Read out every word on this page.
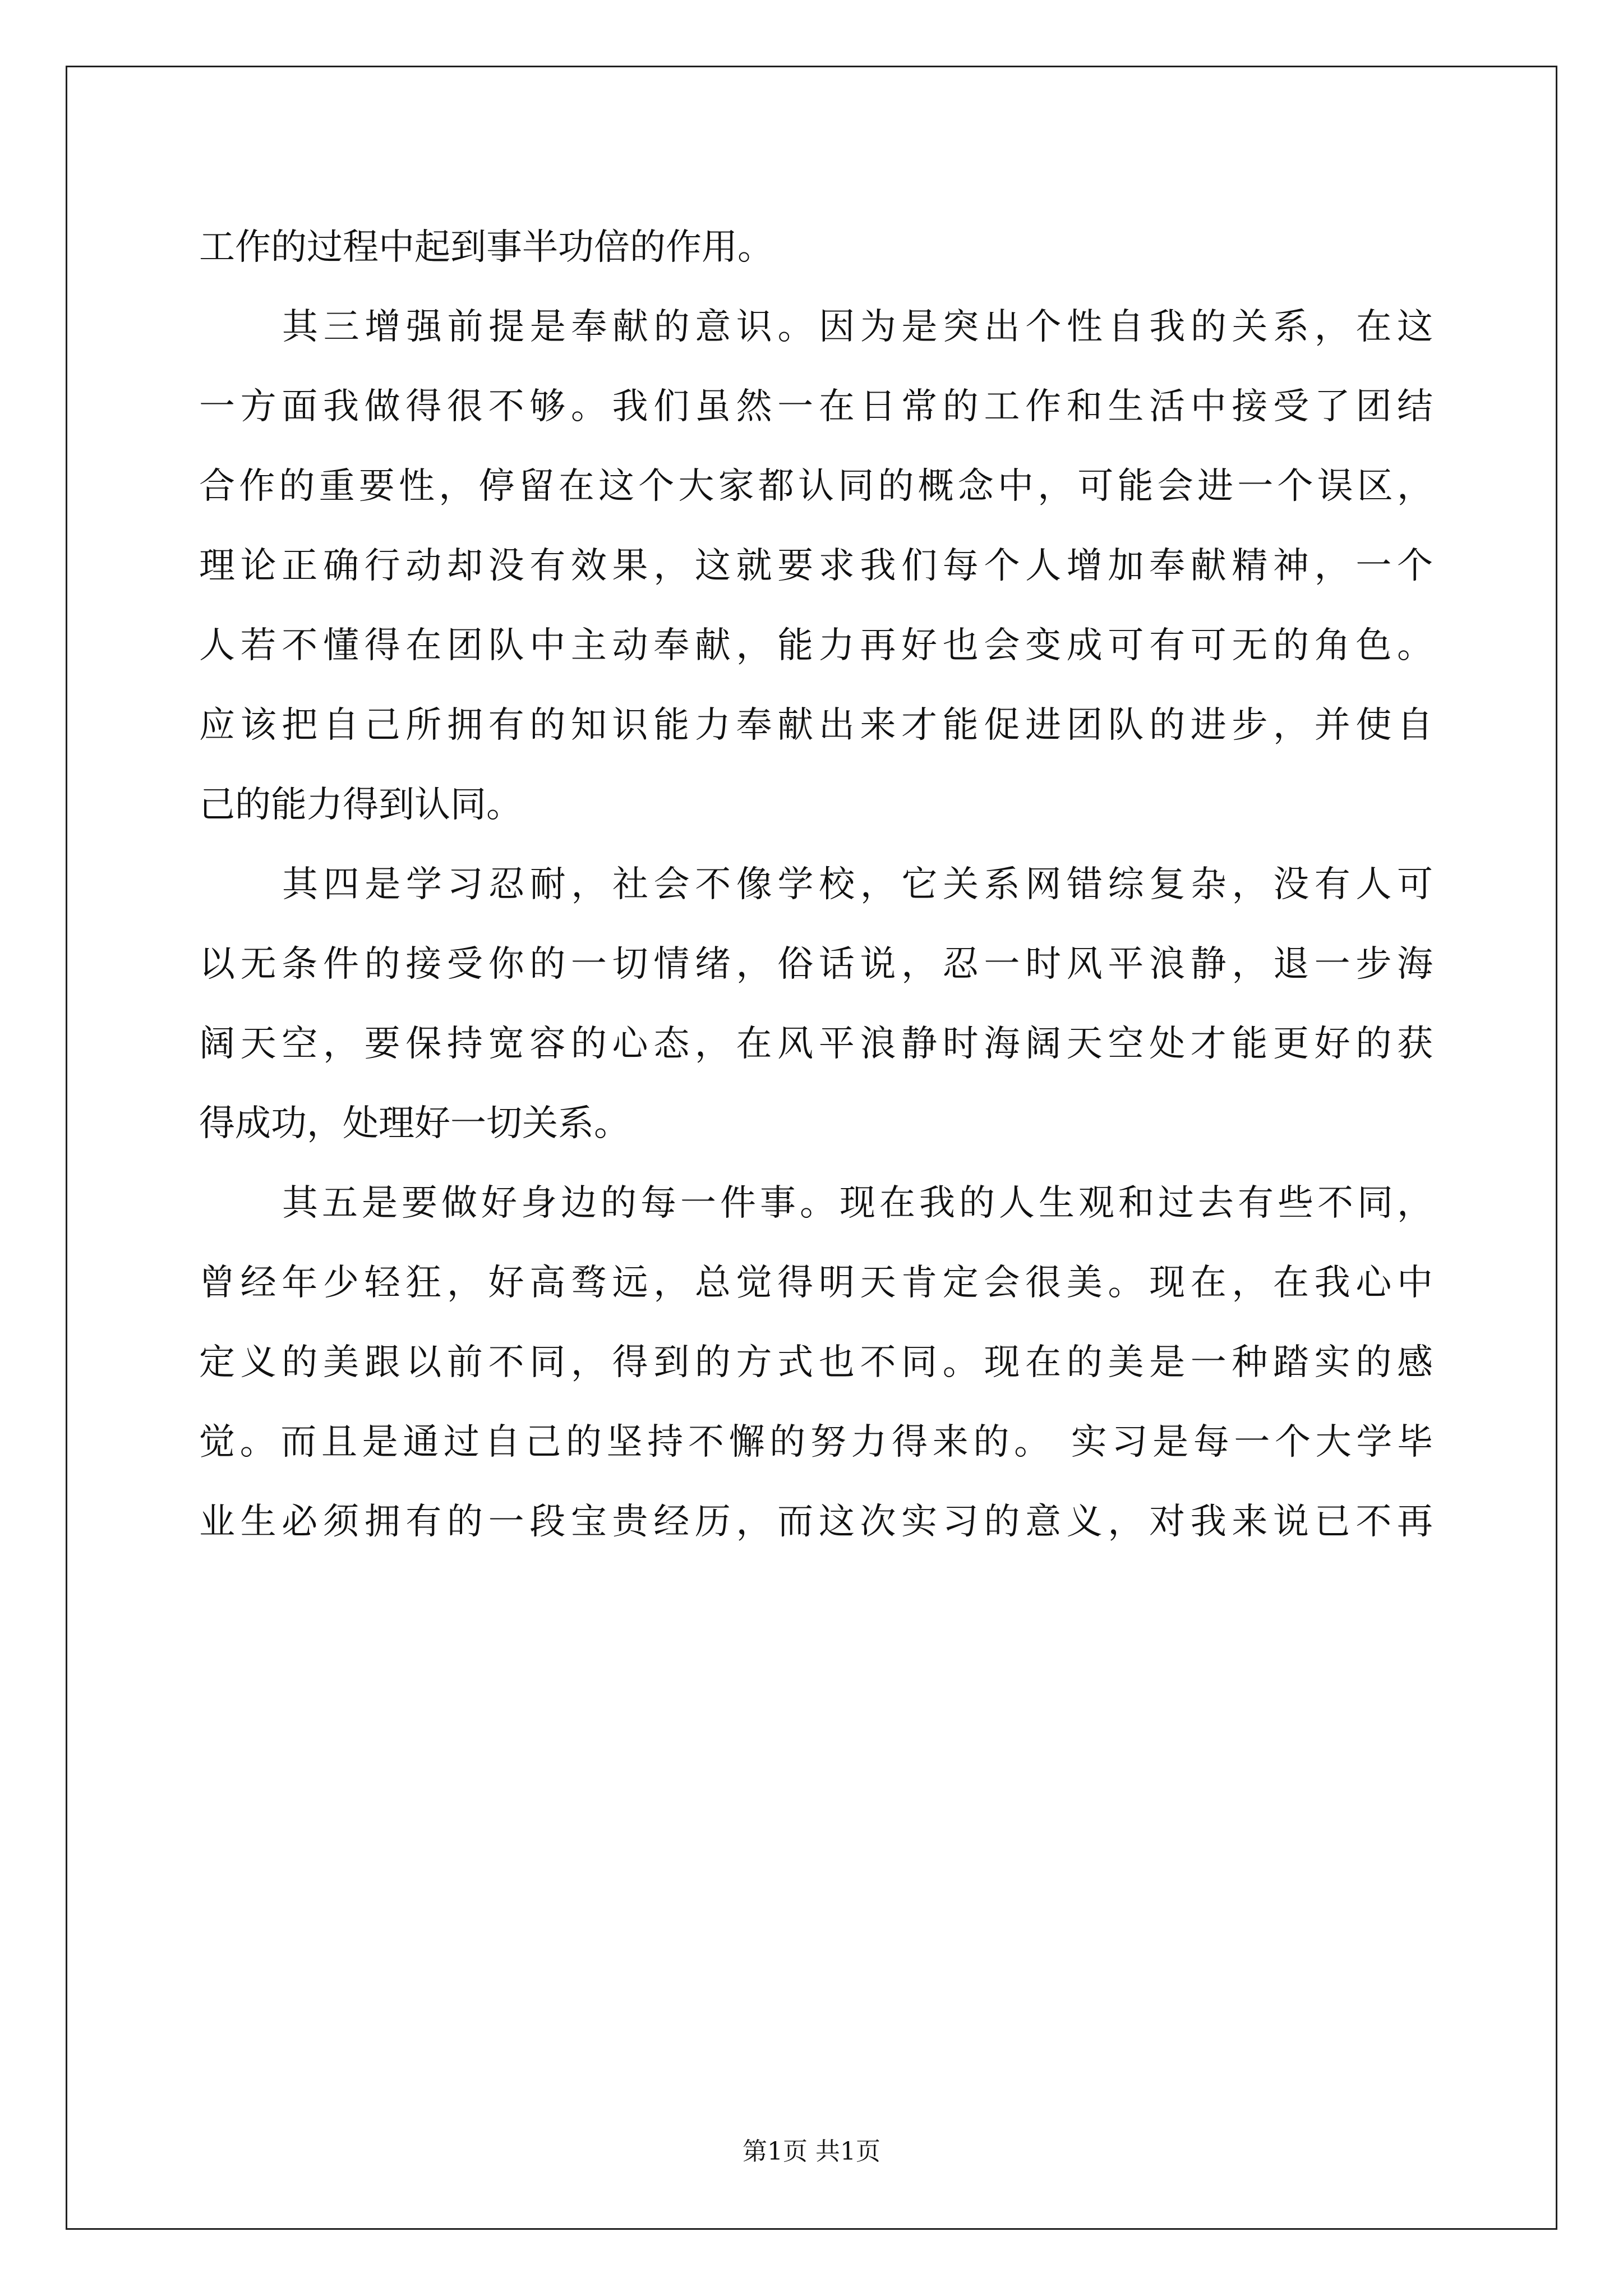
工作的过程中起到事半功倍的作用。
其三增强前提是奉献的意识。因为是突出个性自我的关系，在这
一方面我做得很不够。我们虽然一在日常的工作和生活中接受了团结
合作的重要性，停留在这个大家都认同的概念中，可能会进一个误区，
理论正确行动却没有效果，这就要求我们每个人增加奉献精神，一个
人若不懂得在团队中主动奉献，能力再好也会变成可有可无的角色。
应该把自己所拥有的知识能力奉献出来才能促进团队的进步，并使自
己的能力得到认同。
其四是学习忍耐，社会不像学校，它关系网错综复杂，没有人可
以无条件的接受你的一切情绪，俗话说，忍一时风平浪静，退一步海
阔天空，要保持宽容的心态，在风平浪静时海阔天空处才能更好的获
得成功，处理好一切关系。
其五是要做好身边的每一件事。现在我的人生观和过去有些不同，
曾经年少轻狂，好高骛远，总觉得明天肯定会很美。现在，在我心中
定义的美跟以前不同，得到的方式也不同。现在的美是一种踏实的感
觉。而且是通过自己的坚持不懈的努力得来的。 实习是每一个大学毕
业生必须拥有的一段宝贵经历，而这次实习的意义，对我来说已不再
第1页 共1页
